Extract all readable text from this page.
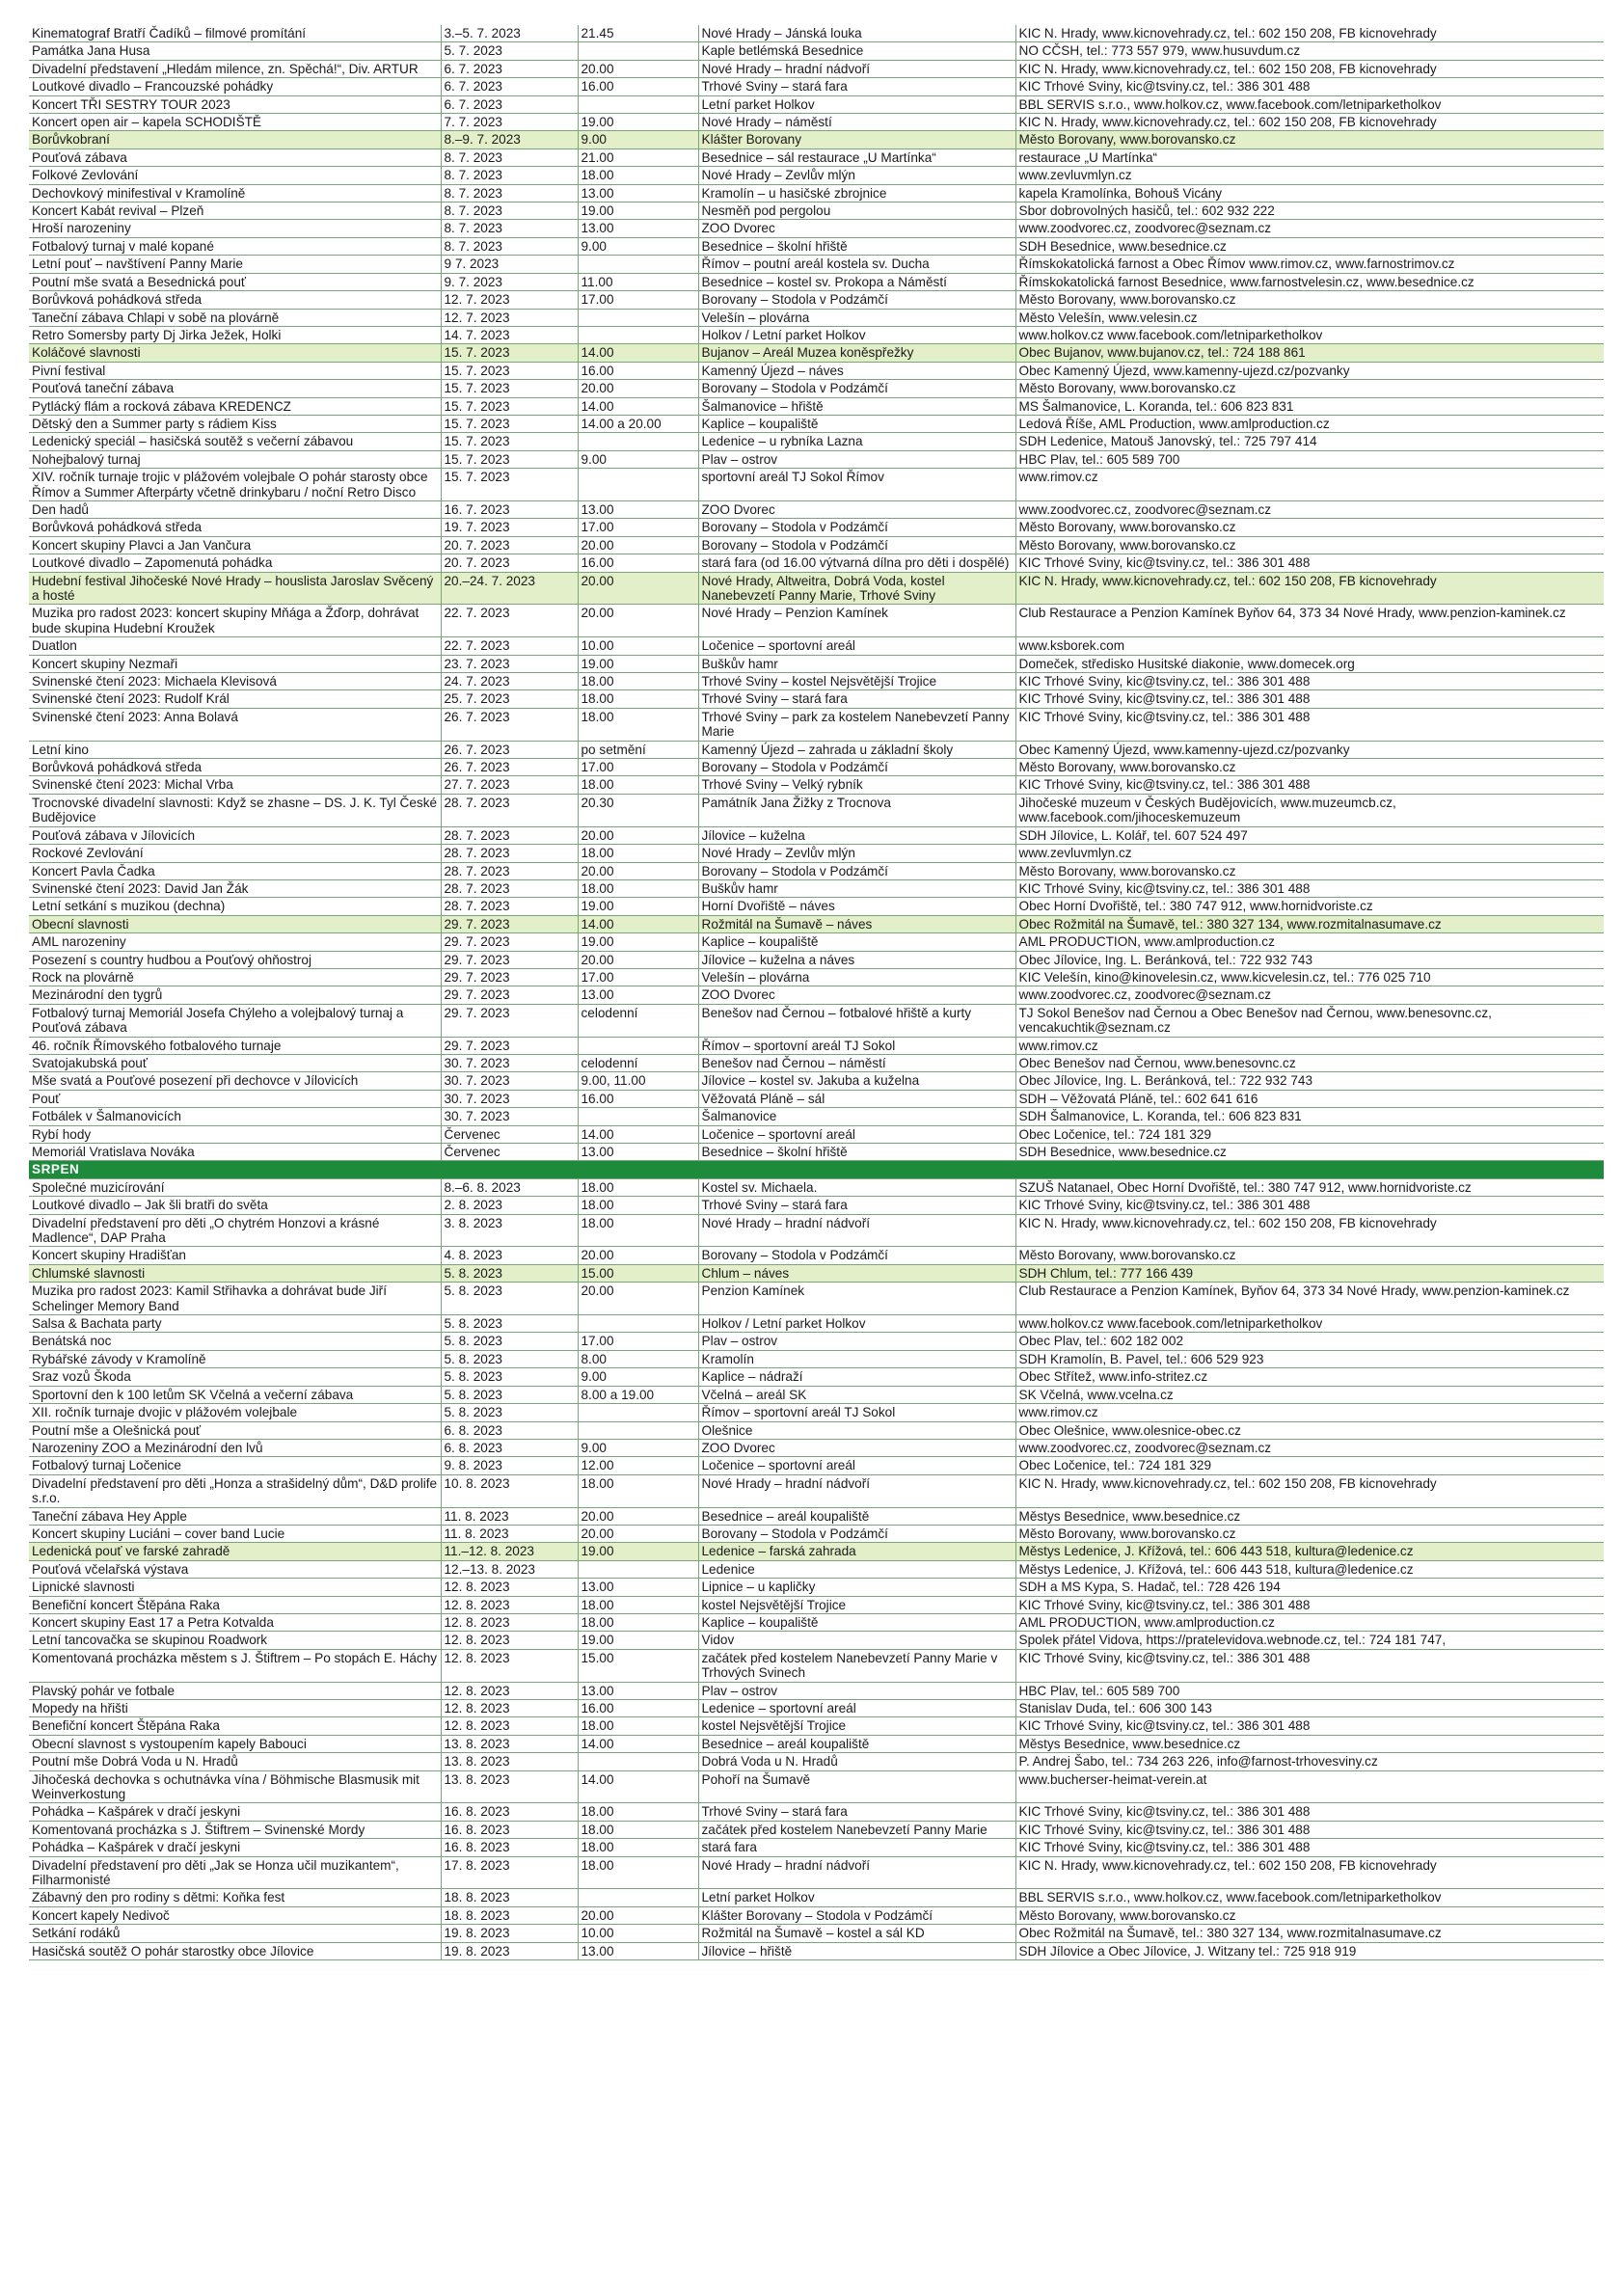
Kinematograf Bratří Čadíků – filmové promítání	3.–5. 7. 2023	21.45	Nové Hrady – Jánská louka	KIC N. Hrady, www.kicnovehrady.cz, tel.: 602 150 208, FB kicnovehrady
Památka Jana Husa	5. 7. 2023		Kaple betlémská Besednice	NO CČSH, tel.: 773 557 979, www.husuvdum.cz
Divadelní představení „Hledám milence, zn. Spěchá!“, Div. ARTUR	6. 7. 2023	20.00	Nové Hrady – hradní nádvoří	KIC N. Hrady, www.kicnovehrady.cz, tel.: 602 150 208, FB kicnovehrady
Loutkové divadlo – Francouzské pohádky	6. 7. 2023	16.00	Trhové Sviny – stará fara	KIC Trhové Sviny, kic@tsviny.cz, tel.: 386 301 488
Koncert TŘI SESTRY TOUR 2023	6. 7. 2023		Letní parket Holkov	BBL SERVIS s.r.o., www.holkov.cz, www.facebook.com/letniparketholkov
Koncert open air – kapela SCHODIŠTĚ	7. 7. 2023	19.00	Nové Hrady – náměstí	KIC N. Hrady, www.kicnovehrady.cz, tel.: 602 150 208, FB kicnovehrady
Borůvkobraní	8.–9. 7. 2023	9.00	Klášter Borovany	Město Borovany, www.borovansko.cz
Pouťová zábava	8. 7. 2023	21.00	Besednice – sál restaurace „U Martínka“	restaurace „U Martínka“
Folkové Zevlování	8. 7. 2023	18.00	Nové Hrady – Zevlův mlýn	www.zevluvmlyn.cz
Dechovkový minifestival v Kramolíně	8. 7. 2023	13.00	Kramolín – u hasičské zbrojnice	kapela Kramolínka, Bohouš Vicány
Koncert Kabát revival – Plzeň	8. 7. 2023	19.00	Nesměň pod pergolou	Sbor dobrovolných hasičů, tel.: 602 932 222
Hroší narozeniny	8. 7. 2023	13.00	ZOO Dvorec	www.zoodvorec.cz, zoodvorec@seznam.cz
Fotbalový turnaj v malé kopané	8. 7. 2023	9.00	Besednice – školní hřiště	SDH Besednice, www.besednice.cz
Letní pouť – navštívení Panny Marie	9 7. 2023		Římov – poutní areál kostela sv. Ducha	Římskokatolická farnost a Obec Římov www.rimov.cz, www.farnostrimov.cz
Poutní mše svatá a Besednická pouť	9. 7. 2023	11.00	Besednice – kostel sv. Prokopa a Náměstí	Římskokatolická farnost Besednice, www.farnostvelesin.cz, www.besednice.cz
Borůvková pohádková středa	12. 7. 2023	17.00	Borovany – Stodola v Podzámčí	Město Borovany, www.borovansko.cz
Taneční zábava Chlapi v sobě na plovárně	12. 7. 2023		Velešín – plovárna	Město Velešín, www.velesin.cz
Retro Somersby party Dj Jirka Ježek, Holki	14. 7. 2023		Holkov / Letní parket Holkov	www.holkov.cz www.facebook.com/letniparketholkov
Koláčové slavnosti	15. 7. 2023	14.00	Bujanov – Areál Muzea koněspřežky	Obec Bujanov, www.bujanov.cz, tel.: 724 188 861
Pivní festival	15. 7. 2023	16.00	Kamenný Újezd – náves	Obec Kamenný Újezd, www.kamenny-ujezd.cz/pozvanky
Pouťová taneční zábava	15. 7. 2023	20.00	Borovany – Stodola v Podzámčí	Město Borovany, www.borovansko.cz
Pytlácký flám a rocková zábava KREDENCZ	15. 7. 2023	14.00	Šalmanovice – hřiště	MS Šalmanovice, L. Koranda, tel.: 606 823 831
Dětský den a Summer party s rádiem Kiss	15. 7. 2023	14.00 a 20.00	Kaplice – koupaliště	Ledová Říše, AML Production, www.amlproduction.cz
Ledenický speciál – hasičská soutěž s večerní zábavou	15. 7. 2023		Ledenice – u rybníka Lazna	SDH Ledenice, Matouš Janovský, tel.: 725 797 414
Nohejbalový turnaj	15. 7. 2023	9.00	Plav – ostrov	HBC Plav, tel.: 605 589 700
XIV. ročník turnaje trojic v plážovém volejbale O pohár starosty obce Římov a Summer Afterpárty včetně drinkybaru / noční Retro Disco	15. 7. 2023		sportovní areál TJ Sokol Římov	www.rimov.cz
Den hadů	16. 7. 2023	13.00	ZOO Dvorec	www.zoodvorec.cz, zoodvorec@seznam.cz
Borůvková pohádková středa	19. 7. 2023	17.00	Borovany – Stodola v Podzámčí	Město Borovany, www.borovansko.cz
Koncert skupiny Plavci a Jan Vančura	20. 7. 2023	20.00	Borovany – Stodola v Podzámčí	Město Borovany, www.borovansko.cz
Loutkové divadlo – Zapomenutá pohádka	20. 7. 2023	16.00	stará fara (od 16.00 výtvarná dílna pro děti i dospělé)	KIC Trhové Sviny, kic@tsviny.cz, tel.: 386 301 488
Hudební festival Jihočeské Nové Hrady – houslista Jaroslav Svěcený a hosté	20.–24. 7. 2023	20.00	Nové Hrady, Altweitra, Dobrá Voda, kostel Nanebevzetí Panny Marie, Trhové Sviny	KIC N. Hrady, www.kicnovehrady.cz, tel.: 602 150 208, FB kicnovehrady
Muzika pro radost 2023: koncert skupiny Mňága a Žďorp, dohrávat bude skupina Hudební Kroužek	22. 7. 2023	20.00	Nové Hrady – Penzion Kamínek	Club Restaurace a Penzion Kamínek Byňov 64, 373 34 Nové Hrady, www.penzion-kaminek.cz
Duatlon	22. 7. 2023	10.00	Ločenice – sportovní areál	www.ksborek.com
Koncert skupiny Nezmaři	23. 7. 2023	19.00	Buškův hamr	Domeček, středisko Husitské diakonie, www.domecek.org
Svinenské čtení 2023: Michaela Klevisová	24. 7. 2023	18.00	Trhové Sviny – kostel Nejsvětější Trojice	KIC Trhové Sviny, kic@tsviny.cz, tel.: 386 301 488
Svinenské čtení 2023: Rudolf Král	25. 7. 2023	18.00	Trhové Sviny – stará fara	KIC Trhové Sviny, kic@tsviny.cz, tel.: 386 301 488
Svinenské čtení 2023: Anna Bolavá	26. 7. 2023	18.00	Trhové Sviny – park za kostelem Nanebevzetí Panny Marie	KIC Trhové Sviny, kic@tsviny.cz, tel.: 386 301 488
Letní kino	26. 7. 2023	po setmění	Kamenný Újezd – zahrada u základní školy	Obec Kamenný Újezd, www.kamenny-ujezd.cz/pozvanky
Borůvková pohádková středa	26. 7. 2023	17.00	Borovany – Stodola v Podzámčí	Město Borovany, www.borovansko.cz
Svinenské čtení 2023: Michal Vrba	27. 7. 2023	18.00	Trhové Sviny – Velký rybník	KIC Trhové Sviny, kic@tsviny.cz, tel.: 386 301 488
Trocnovské divadelní slavnosti: Když se zhasne – DS. J. K. Tyl České Budějovice	28. 7. 2023	20.30	Památník Jana Žižky z Trocnova	Jihočeské muzeum v Českých Budějovicích, www.muzeumcb.cz, www.facebook.com/jihoceskemuzeum
Pouťová zábava v Jílovicích	28. 7. 2023	20.00	Jílovice – kuželna	SDH Jílovice, L. Kolář, tel. 607 524 497
Rockové Zevlování	28. 7. 2023	18.00	Nové Hrady – Zevlův mlýn	www.zevluvmlyn.cz
Koncert Pavla Čadka	28. 7. 2023	20.00	Borovany – Stodola v Podzámčí	Město Borovany, www.borovansko.cz
Svinenské čtení 2023: David Jan Žák	28. 7. 2023	18.00	Buškův hamr	KIC Trhové Sviny, kic@tsviny.cz, tel.: 386 301 488
Letní setkání s muzikou (dechna)	28. 7. 2023	19.00	Horní Dvořiště – náves	Obec Horní Dvořiště, tel.: 380 747 912, www.hornidvoriste.cz
Obecní slavnosti	29. 7. 2023	14.00	Rožmitál na Šumavě – náves	Obec Rožmitál na Šumavě, tel.: 380 327 134, www.rozmitalnasumave.cz
AML narozeniny	29. 7. 2023	19.00	Kaplice – koupaliště	AML PRODUCTION, www.amlproduction.cz
Posezení s country hudbou a Pouťový ohňostroj	29. 7. 2023	20.00	Jílovice – kuželna a náves	Obec Jílovice, Ing. L. Beránková, tel.: 722 932 743
Rock na plovárně	29. 7. 2023	17.00	Velešín – plovárna	KIC Velešín, kino@kinovelesin.cz, www.kicvelesin.cz, tel.: 776 025 710
Mezinárodní den tygrů	29. 7. 2023	13.00	ZOO Dvorec	www.zoodvorec.cz, zoodvorec@seznam.cz
Fotbalový turnaj Memoriál Josefa Chýleho a volejbalový turnaj a Pouťová zábava	29. 7. 2023	celodenní	Benešov nad Černou – fotbalové hřiště a kurty	TJ Sokol Benešov nad Černou a Obec Benešov nad Černou, www.benesovnc.cz, vencakuchtik@seznam.cz
46. ročník Římovského fotbalového turnaje	29. 7. 2023		Římov – sportovní areál TJ Sokol	www.rimov.cz
Svatojakubská pouť	30. 7. 2023	celodenní	Benešov nad Černou – náměstí	Obec Benešov nad Černou, www.benesovnc.cz
Mše svatá a Pouťové posezení při dechovce v Jílovicích	30. 7. 2023	9.00, 11.00	Jílovice – kostel sv. Jakuba a kuželna	Obec Jílovice, Ing. L. Beránková, tel.: 722 932 743
Pouť	30. 7. 2023	16.00	Věžovatá Pláně – sál	SDH – Věžovatá Pláně, tel.: 602 641 616
Fotbálek v Šalmanovicích	30. 7. 2023		Šalmanovice	SDH Šalmanovice, L. Koranda, tel.: 606 823 831
Rybí hody	Červenec	14.00	Ločenice – sportovní areál	Obec Ločenice, tel.: 724 181 329
Memoriál Vratislava Nováka	Červenec	13.00	Besednice – školní hřiště	SDH Besednice, www.besednice.cz
SRPEN				
Společné muzicírování	8.–6. 8. 2023	18.00	Kostel sv. Michaela.	SZUŠ Natanael, Obec Horní Dvořiště, tel.: 380 747 912, www.hornidvoriste.cz
Loutkové divadlo – Jak šli bratři do světa	2. 8. 2023	18.00	Trhové Sviny – stará fara	KIC Trhové Sviny, kic@tsviny.cz, tel.: 386 301 488
Divadelní představení pro děti „O chytrém Honzovi a krásné Madlence“, DAP Praha	3. 8. 2023	18.00	Nové Hrady – hradní nádvoří	KIC N. Hrady, www.kicnovehrady.cz, tel.: 602 150 208, FB kicnovehrady
Koncert skupiny Hradišťan	4. 8. 2023	20.00	Borovany – Stodola v Podzámčí	Město Borovany, www.borovansko.cz
Chlumské slavnosti	5. 8. 2023	15.00	Chlum – náves	SDH Chlum, tel.: 777 166 439
Muzika pro radost 2023: Kamil Střihavka a dohrávat bude Jiří Schelinger Memory Band	5. 8. 2023	20.00	Penzion Kamínek	Club Restaurace a Penzion Kamínek, Byňov 64, 373 34 Nové Hrady, www.penzion-kaminek.cz
Salsa & Bachata party	5. 8. 2023		Holkov / Letní parket Holkov	www.holkov.cz www.facebook.com/letniparketholkov
Benátská noc	5. 8. 2023	17.00	Plav – ostrov	Obec Plav, tel.: 602 182 002
Rybářské závody v Kramolíně	5. 8. 2023	8.00	Kramolín	SDH Kramolín, B. Pavel, tel.: 606 529 923
Sraz vozů Škoda	5. 8. 2023	9.00	Kaplice – nádraží	Obec Střítež, www.info-stritez.cz
Sportovní den k 100 letům SK Včelná a večerní zábava	5. 8. 2023	8.00 a 19.00	Včelná – areál SK	SK Včelná, www.vcelna.cz
XII. ročník turnaje dvojic v plážovém volejbale	5. 8. 2023		Římov – sportovní areál TJ Sokol	www.rimov.cz
Poutní mše a Olešnická pouť	6. 8. 2023		Olešnice	Obec Olešnice, www.olesnice-obec.cz
Narozeniny ZOO a Mezinárodní den lvů	6. 8. 2023	9.00	ZOO Dvorec	www.zoodvorec.cz, zoodvorec@seznam.cz
Fotbalový turnaj Ločenice	9. 8. 2023	12.00	Ločenice – sportovní areál	Obec Ločenice, tel.: 724 181 329
Divadelní představení pro děti „Honza a strašidelný dům“, D&D prolife s.r.o.	10. 8. 2023	18.00	Nové Hrady – hradní nádvoří	KIC N. Hrady, www.kicnovehrady.cz, tel.: 602 150 208, FB kicnovehrady
Taneční zábava Hey Apple	11. 8. 2023	20.00	Besednice – areál koupaliště	Městys Besednice, www.besednice.cz
Koncert skupiny Luciáni – cover band Lucie	11. 8. 2023	20.00	Borovany – Stodola v Podzámčí	Město Borovany, www.borovansko.cz
Ledenická pouť ve farské zahradě	11.–12. 8. 2023	19.00	Ledenice – farská zahrada	Městys Ledenice, J. Křížová, tel.: 606 443 518, kultura@ledenice.cz
Pouťová včelařská výstava	12.–13. 8. 2023		Ledenice	Městys Ledenice, J. Křížová, tel.: 606 443 518, kultura@ledenice.cz
Lipnické slavnosti	12. 8. 2023	13.00	Lipnice – u kapličky	SDH a MS Kypa, S. Hadač, tel.: 728 426 194
Benefiční koncert Štěpána Raka	12. 8. 2023	18.00	kostel Nejsvětější Trojice	KIC Trhové Sviny, kic@tsviny.cz, tel.: 386 301 488
Koncert skupiny East 17 a Petra Kotvalda	12. 8. 2023	18.00	Kaplice – koupaliště	AML PRODUCTION, www.amlproduction.cz
Letní tancovačka se skupinou Roadwork	12. 8. 2023	19.00	Vidov	Spolek přátel Vidova, https://pratelevidova.webnode.cz, tel.: 724 181 747,
Komentovaná procházka městem s J. Štiftrem – Po stopách E. Háchy	12. 8. 2023	15.00	začátek před kostelem Nanebevzetí Panny Marie v Trhových Svinech	KIC Trhové Sviny, kic@tsviny.cz, tel.: 386 301 488
Plavský pohár ve fotbale	12. 8. 2023	13.00	Plav – ostrov	HBC Plav, tel.: 605 589 700
Mopedy na hřišti	12. 8. 2023	16.00	Ledenice – sportovní areál	Stanislav Duda, tel.: 606 300 143
Benefiční koncert Štěpána Raka	12. 8. 2023	18.00	kostel Nejsvětější Trojice	KIC Trhové Sviny, kic@tsviny.cz, tel.: 386 301 488
Obecní slavnost s vystoupením kapely Babouci	13. 8. 2023	14.00	Besednice – areál koupaliště	Městys Besednice, www.besednice.cz
Poutní mše Dobrá Voda u N. Hradů	13. 8. 2023		Dobrá Voda u N. Hradů	P. Andrej Šabo, tel.: 734 263 226, info@farnost-trhovesviny.cz
Jihočeská dechovka s ochutnávka vína / Böhmische Blasmusik mit Weinverkostung	13. 8. 2023	14.00	Pohoří na Šumavě	www.bucherser-heimat-verein.at
Pohádka – Kašpárek v dračí jeskyni	16. 8. 2023	18.00	Trhové Sviny – stará fara	KIC Trhové Sviny, kic@tsviny.cz, tel.: 386 301 488
Komentovaná procházka s J. Štiftrem – Svinenské Mordy	16. 8. 2023	18.00	začátek před kostelem Nanebevzetí Panny Marie	KIC Trhové Sviny, kic@tsviny.cz, tel.: 386 301 488
Pohádka – Kašpárek v dračí jeskyni	16. 8. 2023	18.00	stará fara	KIC Trhové Sviny, kic@tsviny.cz, tel.: 386 301 488
Divadelní představení pro děti „Jak se Honza učil muzikantem“, Filharmonisté	17. 8. 2023	18.00	Nové Hrady – hradní nádvoří	KIC N. Hrady, www.kicnovehrady.cz, tel.: 602 150 208, FB kicnovehrady
Zábavný den pro rodiny s dětmi: Koňka fest	18. 8. 2023		Letní parket Holkov	BBL SERVIS s.r.o., www.holkov.cz, www.facebook.com/letniparketholkov
Koncert kapely Nedivoč	18. 8. 2023	20.00	Klášter Borovany – Stodola v Podzámčí	Město Borovany, www.borovansko.cz
Setkání rodáků	19. 8. 2023	10.00	Rožmitál na Šumavě – kostel a sál KD	Obec Rožmitál na Šumavě, tel.: 380 327 134, www.rozmitalnasumave.cz
Hasičská soutěž O pohár starostky obce Jílovice	19. 8. 2023	13.00	Jílovice – hřiště	SDH Jílovice a Obec Jílovice, J. Witzany tel.: 725 918 919
